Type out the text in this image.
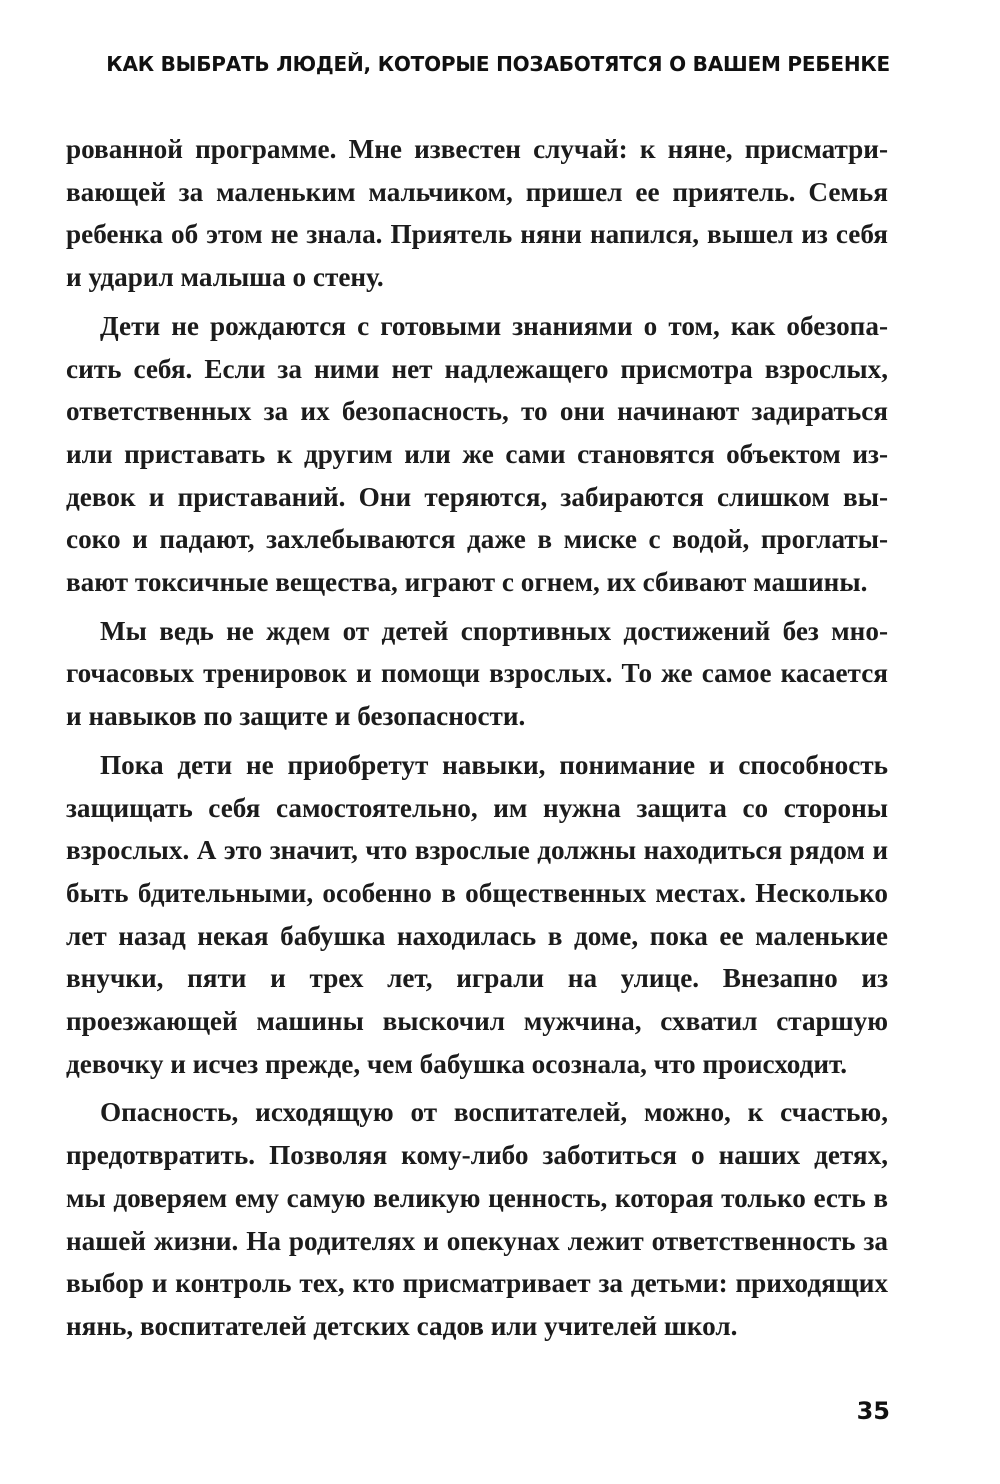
КАК ВЫБРАТЬ ЛЮДЕЙ, КОТОРЫЕ ПОЗАБОТЯТСЯ О ВАШЕМ РЕБЕНКЕ

рованной программе. Мне известен случай: к няне, присматривающей за маленьким мальчиком, пришел ее приятель. Семья ребенка об этом не знала. Приятель няни напился, вышел из себя и ударил малыша о стену.

Дети не рождаются с готовыми знаниями о том, как обезопасить себя. Если за ними нет надлежащего присмотра взрослых, ответственных за их безопасность, то они начинают задираться или приставать к другим или же сами становятся объектом издевок и приставаний. Они теряются, забираются слишком высоко и падают, захлебываются даже в миске с водой, проглатывают токсичные вещества, играют с огнем, их сбивают машины.

Мы ведь не ждем от детей спортивных достижений без многочасовых тренировок и помощи взрослых. То же самое касается и навыков по защите и безопасности.

Пока дети не приобретут навыки, понимание и способность защищать себя самостоятельно, им нужна защита со стороны взрослых. А это значит, что взрослые должны находиться рядом и быть бдительными, особенно в общественных местах. Несколько лет назад некая бабушка находилась в доме, пока ее маленькие внучки, пяти и трех лет, играли на улице. Внезапно из проезжающей машины выскочил мужчина, схватил старшую девочку и исчез прежде, чем бабушка осознала, что происходит.

Опасность, исходящую от воспитателей, можно, к счастью, предотвратить. Позволяя кому-либо заботиться о наших детях, мы доверяем ему самую великую ценность, которая только есть в нашей жизни. На родителях и опекунах лежит ответственность за выбор и контроль тех, кто присматривает за детьми: приходящих нянь, воспитателей детских садов или учителей школ.

35
